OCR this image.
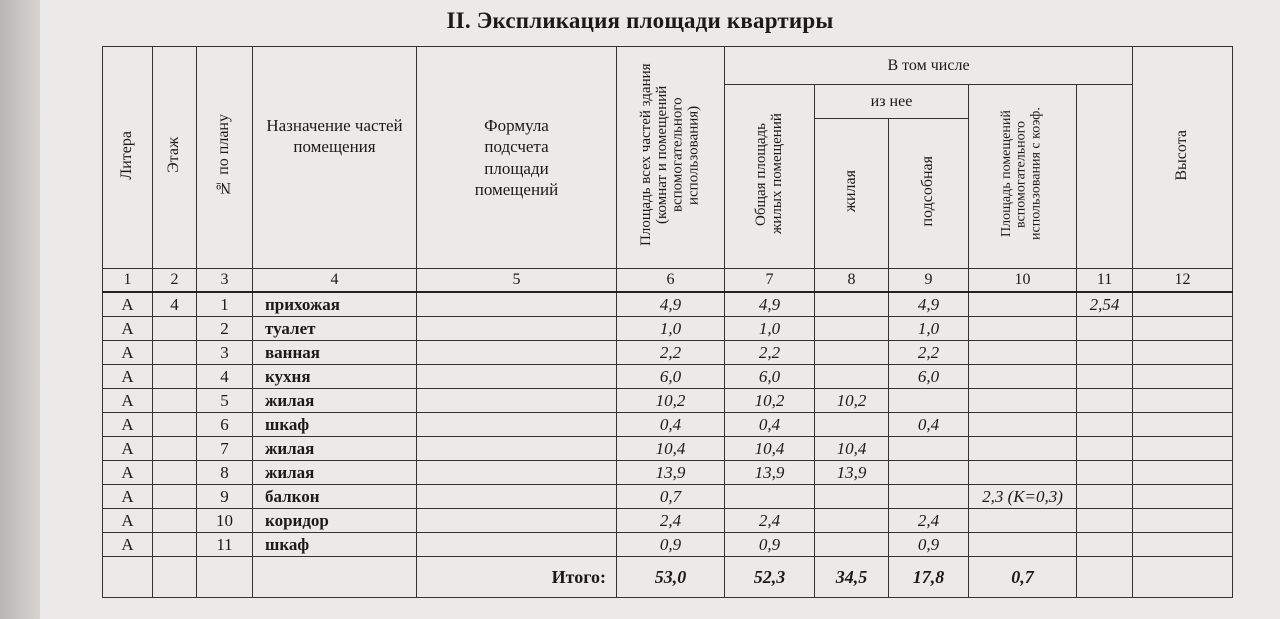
II. Экспликация площади квартиры
Литера	Этаж	№ по плану	Назначение частей помещения	Формула подсчета площади помещений	Площадь всех частей здания (комнат и помещений вспомогательного использования)	В том числе					Высота	
						Общая площадь жилых помещений	из нее		Площадь помещений вспомогательного использования с коэф.			
							жилая	подсобная				
1	2	3	4	5	6	7	8	9	10	11	12	
А	4	1	прихожая		4,9	4,9		4,9		2,54		
А		2	туалет		1,0	1,0		1,0				
А		3	ванная		2,2	2,2		2,2				
А		4	кухня		6,0	6,0		6,0				
А		5	жилая		10,2	10,2	10,2					
А		6	шкаф		0,4	0,4		0,4				
А		7	жилая		10,4	10,4	10,4					
А		8	жилая		13,9	13,9	13,9					
А		9	балкон		0,7				2,3 (К=0,3)			
А		10	коридор		2,4	2,4		2,4				
А		11	шкаф		0,9	0,9		0,9				
				Итого:	53,0	52,3	34,5	17,8	0,7			
